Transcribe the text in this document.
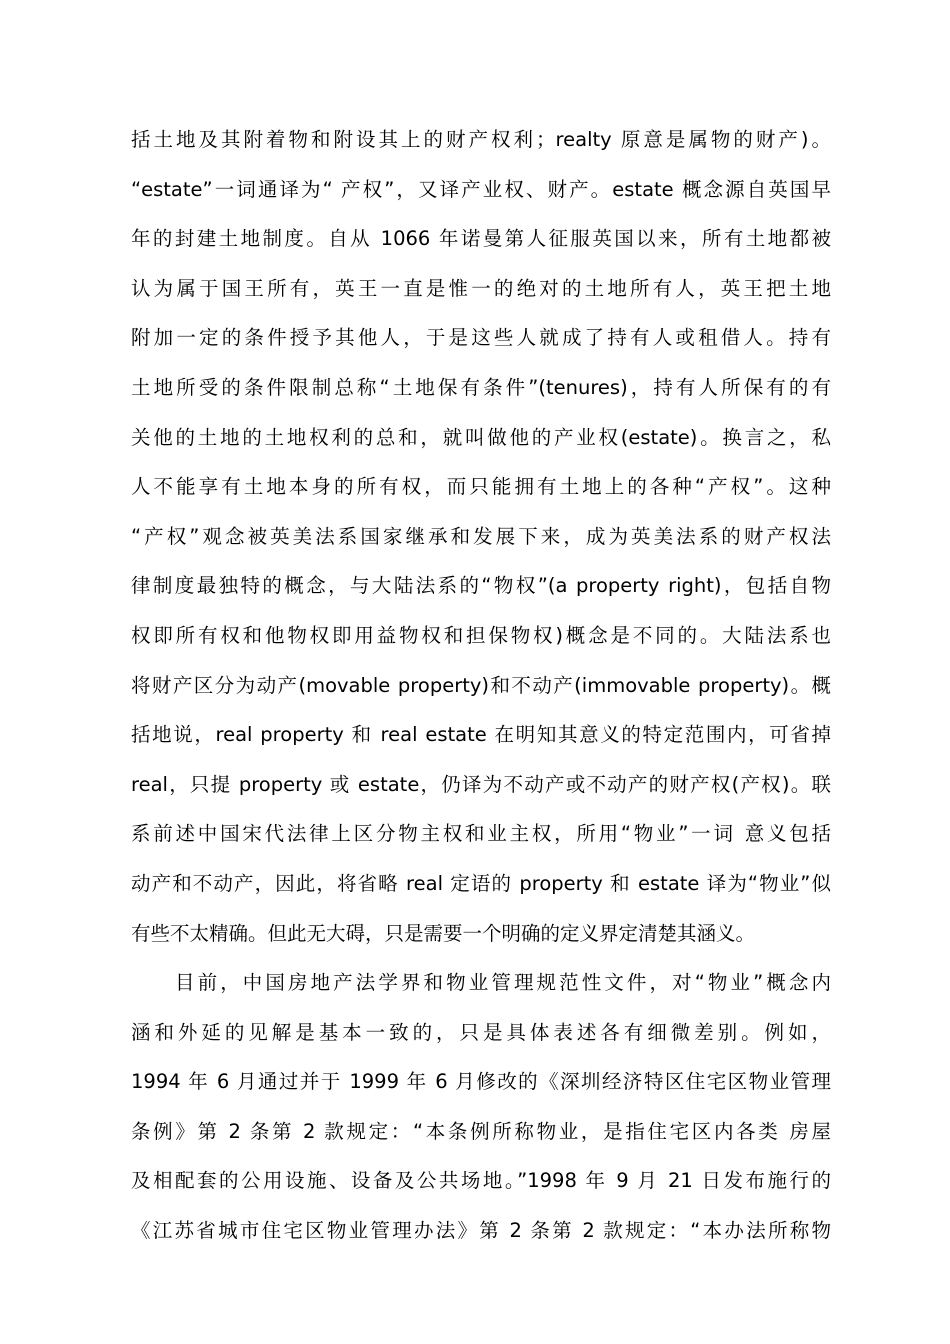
括土地及其附着物和附设其上的财产权利；realty 原意是属物的财产)。
“estate”一词通译为“ 产权”，又译产业权、财产。estate 概念源自英国早
年的封建土地制度。自从 1066 年诺曼第人征服英国以来，所有土地都被
认为属于国王所有，英王一直是惟一的绝对的土地所有人，英王把土地
附加一定的条件授予其他人，于是这些人就成了持有人或租借人。持有
土地所受的条件限制总称“土地保有条件”(tenures)，持有人所保有的有
关他的土地的土地权利的总和，就叫做他的产业权(estate)。换言之，私
人不能享有土地本身的所有权，而只能拥有土地上的各种“产权”。这种
“产权”观念被英美法系国家继承和发展下来，成为英美法系的财产权法
律制度最独特的概念，与大陆法系的“物权”(a property right)，包括自物
权即所有权和他物权即用益物权和担保物权)概念是不同的。大陆法系也
将财产区分为动产(movable property)和不动产(immovable property)。概
括地说，real property 和 real estate 在明知其意义的特定范围内，可省掉
real，只提 property 或 estate，仍译为不动产或不动产的财产权(产权)。联
系前述中国宋代法律上区分物主权和业主权，所用“物业”一词 意义包括
动产和不动产，因此，将省略 real 定语的 property 和 estate 译为“物业”似
有些不太精确。但此无大碍，只是需要一个明确的定义界定清楚其涵义。
目前，中国房地产法学界和物业管理规范性文件，对“物业”概念内
涵和外延的见解是基本一致的，只是具体表述各有细微差别。例如，
1994 年 6 月通过并于 1999 年 6 月修改的《深圳经济特区住宅区物业管理
条例》第 2 条第 2 款规定：“本条例所称物业，是指住宅区内各类 房屋
及相配套的公用设施、设备及公共场地。”1998 年 9 月 21 日发布施行的
《江苏省城市住宅区物业管理办法》第 2 条第 2 款规定：“本办法所称物
